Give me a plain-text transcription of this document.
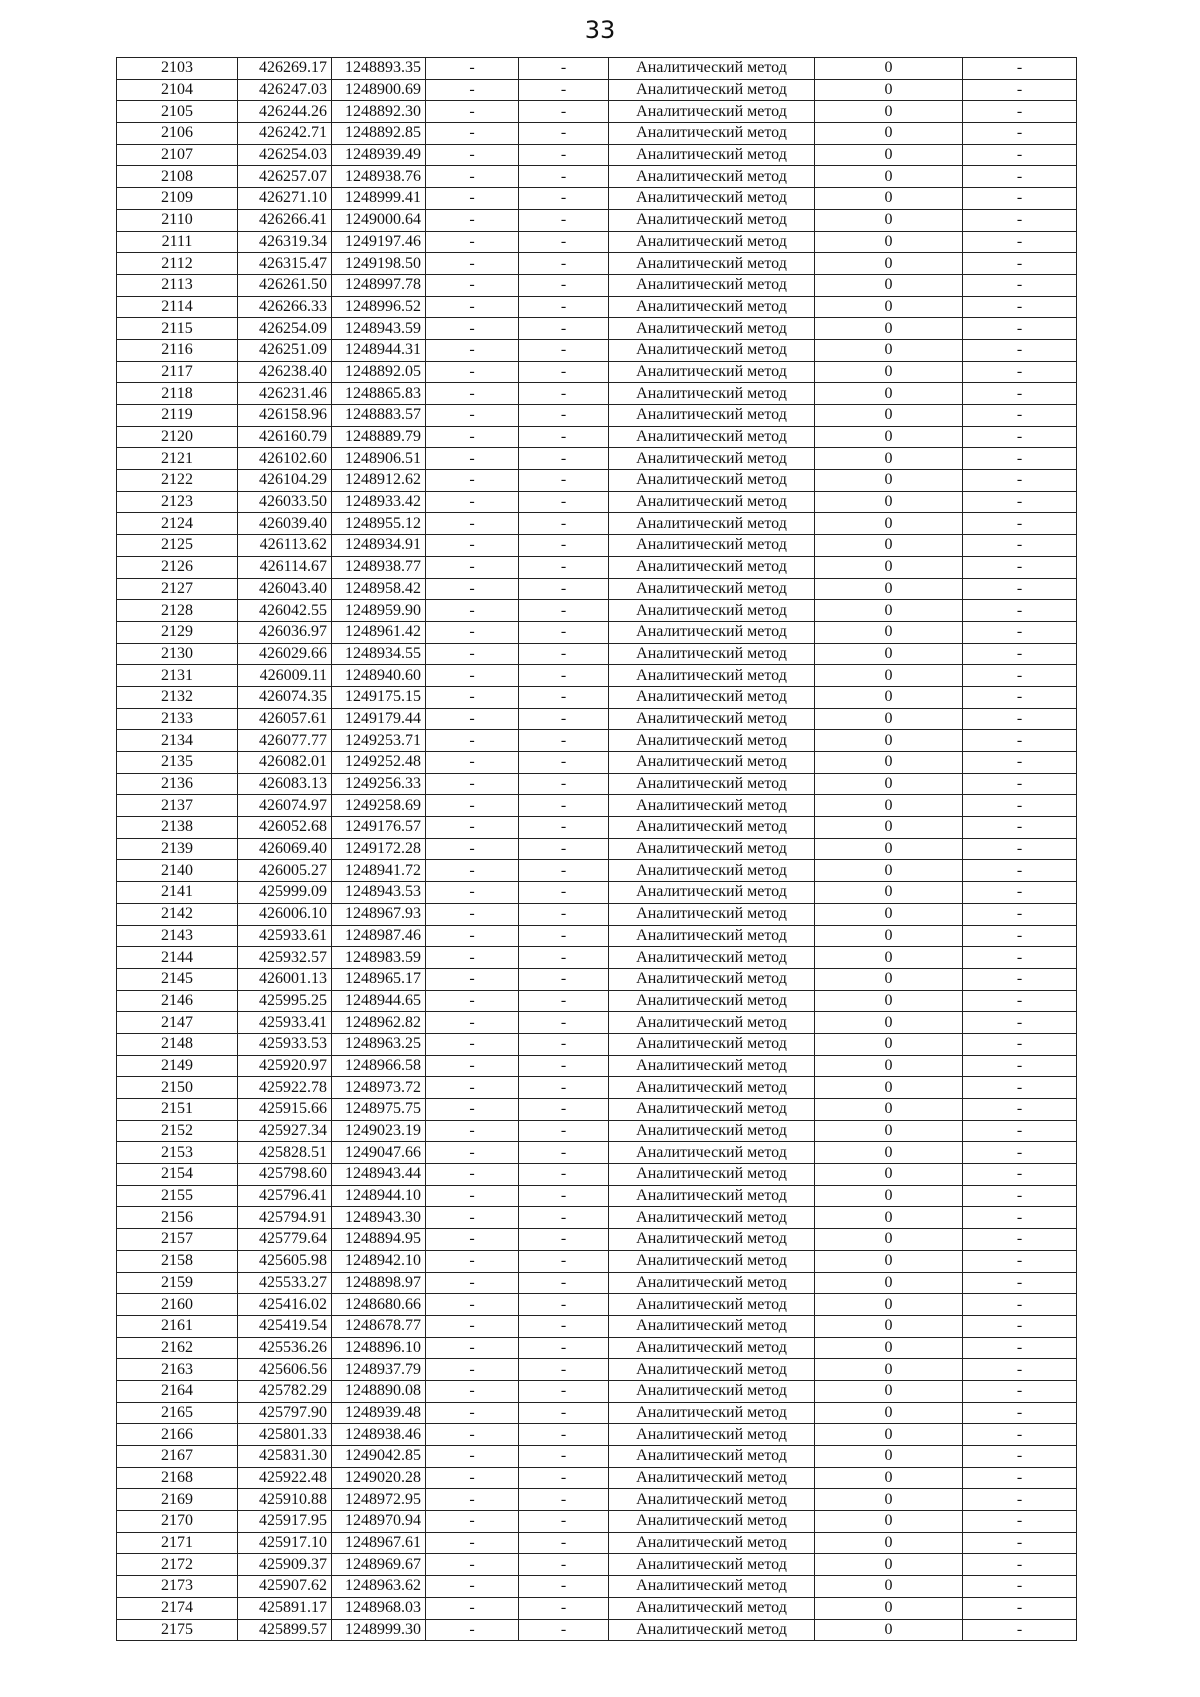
33
2103	426269.17	1248893.35	-	-	Аналитический метод	0	-
2104	426247.03	1248900.69	-	-	Аналитический метод	0	-
2105	426244.26	1248892.30	-	-	Аналитический метод	0	-
2106	426242.71	1248892.85	-	-	Аналитический метод	0	-
2107	426254.03	1248939.49	-	-	Аналитический метод	0	-
2108	426257.07	1248938.76	-	-	Аналитический метод	0	-
2109	426271.10	1248999.41	-	-	Аналитический метод	0	-
2110	426266.41	1249000.64	-	-	Аналитический метод	0	-
2111	426319.34	1249197.46	-	-	Аналитический метод	0	-
2112	426315.47	1249198.50	-	-	Аналитический метод	0	-
2113	426261.50	1248997.78	-	-	Аналитический метод	0	-
2114	426266.33	1248996.52	-	-	Аналитический метод	0	-
2115	426254.09	1248943.59	-	-	Аналитический метод	0	-
2116	426251.09	1248944.31	-	-	Аналитический метод	0	-
2117	426238.40	1248892.05	-	-	Аналитический метод	0	-
2118	426231.46	1248865.83	-	-	Аналитический метод	0	-
2119	426158.96	1248883.57	-	-	Аналитический метод	0	-
2120	426160.79	1248889.79	-	-	Аналитический метод	0	-
2121	426102.60	1248906.51	-	-	Аналитический метод	0	-
2122	426104.29	1248912.62	-	-	Аналитический метод	0	-
2123	426033.50	1248933.42	-	-	Аналитический метод	0	-
2124	426039.40	1248955.12	-	-	Аналитический метод	0	-
2125	426113.62	1248934.91	-	-	Аналитический метод	0	-
2126	426114.67	1248938.77	-	-	Аналитический метод	0	-
2127	426043.40	1248958.42	-	-	Аналитический метод	0	-
2128	426042.55	1248959.90	-	-	Аналитический метод	0	-
2129	426036.97	1248961.42	-	-	Аналитический метод	0	-
2130	426029.66	1248934.55	-	-	Аналитический метод	0	-
2131	426009.11	1248940.60	-	-	Аналитический метод	0	-
2132	426074.35	1249175.15	-	-	Аналитический метод	0	-
2133	426057.61	1249179.44	-	-	Аналитический метод	0	-
2134	426077.77	1249253.71	-	-	Аналитический метод	0	-
2135	426082.01	1249252.48	-	-	Аналитический метод	0	-
2136	426083.13	1249256.33	-	-	Аналитический метод	0	-
2137	426074.97	1249258.69	-	-	Аналитический метод	0	-
2138	426052.68	1249176.57	-	-	Аналитический метод	0	-
2139	426069.40	1249172.28	-	-	Аналитический метод	0	-
2140	426005.27	1248941.72	-	-	Аналитический метод	0	-
2141	425999.09	1248943.53	-	-	Аналитический метод	0	-
2142	426006.10	1248967.93	-	-	Аналитический метод	0	-
2143	425933.61	1248987.46	-	-	Аналитический метод	0	-
2144	425932.57	1248983.59	-	-	Аналитический метод	0	-
2145	426001.13	1248965.17	-	-	Аналитический метод	0	-
2146	425995.25	1248944.65	-	-	Аналитический метод	0	-
2147	425933.41	1248962.82	-	-	Аналитический метод	0	-
2148	425933.53	1248963.25	-	-	Аналитический метод	0	-
2149	425920.97	1248966.58	-	-	Аналитический метод	0	-
2150	425922.78	1248973.72	-	-	Аналитический метод	0	-
2151	425915.66	1248975.75	-	-	Аналитический метод	0	-
2152	425927.34	1249023.19	-	-	Аналитический метод	0	-
2153	425828.51	1249047.66	-	-	Аналитический метод	0	-
2154	425798.60	1248943.44	-	-	Аналитический метод	0	-
2155	425796.41	1248944.10	-	-	Аналитический метод	0	-
2156	425794.91	1248943.30	-	-	Аналитический метод	0	-
2157	425779.64	1248894.95	-	-	Аналитический метод	0	-
2158	425605.98	1248942.10	-	-	Аналитический метод	0	-
2159	425533.27	1248898.97	-	-	Аналитический метод	0	-
2160	425416.02	1248680.66	-	-	Аналитический метод	0	-
2161	425419.54	1248678.77	-	-	Аналитический метод	0	-
2162	425536.26	1248896.10	-	-	Аналитический метод	0	-
2163	425606.56	1248937.79	-	-	Аналитический метод	0	-
2164	425782.29	1248890.08	-	-	Аналитический метод	0	-
2165	425797.90	1248939.48	-	-	Аналитический метод	0	-
2166	425801.33	1248938.46	-	-	Аналитический метод	0	-
2167	425831.30	1249042.85	-	-	Аналитический метод	0	-
2168	425922.48	1249020.28	-	-	Аналитический метод	0	-
2169	425910.88	1248972.95	-	-	Аналитический метод	0	-
2170	425917.95	1248970.94	-	-	Аналитический метод	0	-
2171	425917.10	1248967.61	-	-	Аналитический метод	0	-
2172	425909.37	1248969.67	-	-	Аналитический метод	0	-
2173	425907.62	1248963.62	-	-	Аналитический метод	0	-
2174	425891.17	1248968.03	-	-	Аналитический метод	0	-
2175	425899.57	1248999.30	-	-	Аналитический метод	0	-
